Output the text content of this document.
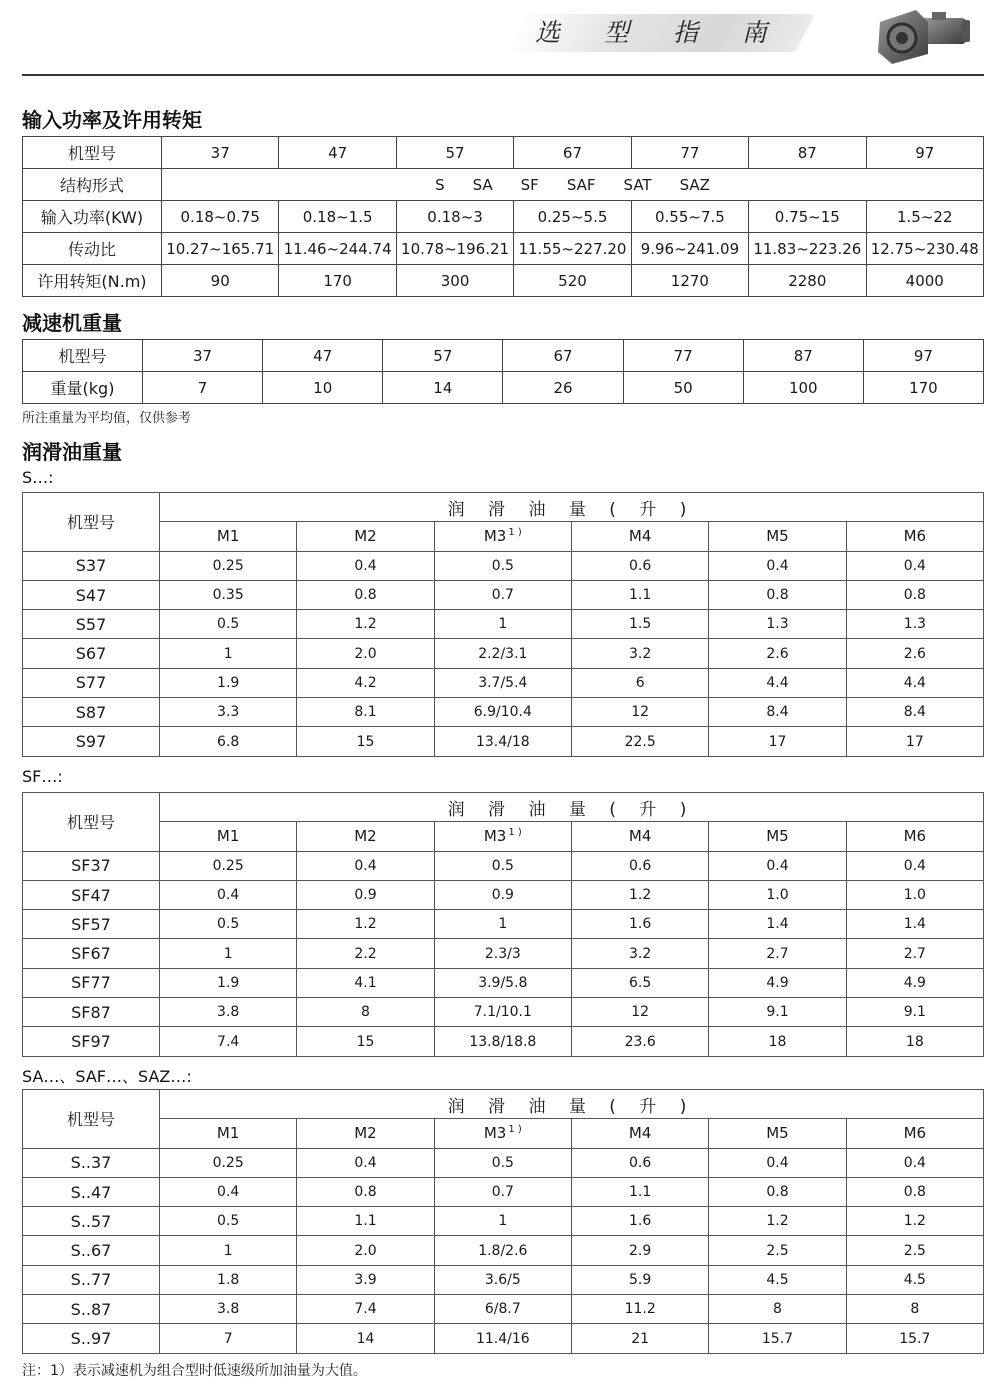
选 型 指 南
输入功率及许用转矩
机型号	37	47	57	67	77	87	97
结构形式	S SA SF SAF SAT SAZ						
输入功率(KW)	0.18~0.75	0.18~1.5	0.18~3	0.25~5.5	0.55~7.5	0.75~15	1.5~22
传动比	10.27~165.71	11.46~244.74	10.78~196.21	11.55~227.20	9.96~241.09	11.83~223.26	12.75~230.48
许用转矩(N.m)	90	170	300	520	1270	2280	4000
减速机重量
机型号	37	47	57	67	77	87	97
重量(kg)	7	10	14	26	50	100	170
所注重量为平均值，仅供参考
润滑油重量
S…:
机型号	润 滑 油 量 ( 升 )					
	M1	M2	M3 $^{1 )}$	M4	M5	M6
S37	0.25	0.4	0.5	0.6	0.4	0.4
S47	0.35	0.8	0.7	1.1	0.8	0.8
S57	0.5	1.2	1	1.5	1.3	1.3
S67	1	2.0	2.2/3.1	3.2	2.6	2.6
S77	1.9	4.2	3.7/5.4	6	4.4	4.4
S87	3.3	8.1	6.9/10.4	12	8.4	8.4
S97	6.8	15	13.4/18	22.5	17	17
SF…:
机型号	润 滑 油 量 ( 升 )					
	M1	M2	M3 $^{1 )}$	M4	M5	M6
SF37	0.25	0.4	0.5	0.6	0.4	0.4
SF47	0.4	0.9	0.9	1.2	1.0	1.0
SF57	0.5	1.2	1	1.6	1.4	1.4
SF67	1	2.2	2.3/3	3.2	2.7	2.7
SF77	1.9	4.1	3.9/5.8	6.5	4.9	4.9
SF87	3.8	8	7.1/10.1	12	9.1	9.1
SF97	7.4	15	13.8/18.8	23.6	18	18
SA…、SAF…、SAZ…:
机型号	润 滑 油 量 ( 升 )					
	M1	M2	M3 $^{1 )}$	M4	M5	M6
S..37	0.25	0.4	0.5	0.6	0.4	0.4
S..47	0.4	0.8	0.7	1.1	0.8	0.8
S..57	0.5	1.1	1	1.6	1.2	1.2
S..67	1	2.0	1.8/2.6	2.9	2.5	2.5
S..77	1.8	3.9	3.6/5	5.9	4.5	4.5
S..87	3.8	7.4	6/8.7	11.2	8	8
S..97	7	14	11.4/16	21	15.7	15.7
注：1）表示减速机为组合型时低速级所加油量为大值。
